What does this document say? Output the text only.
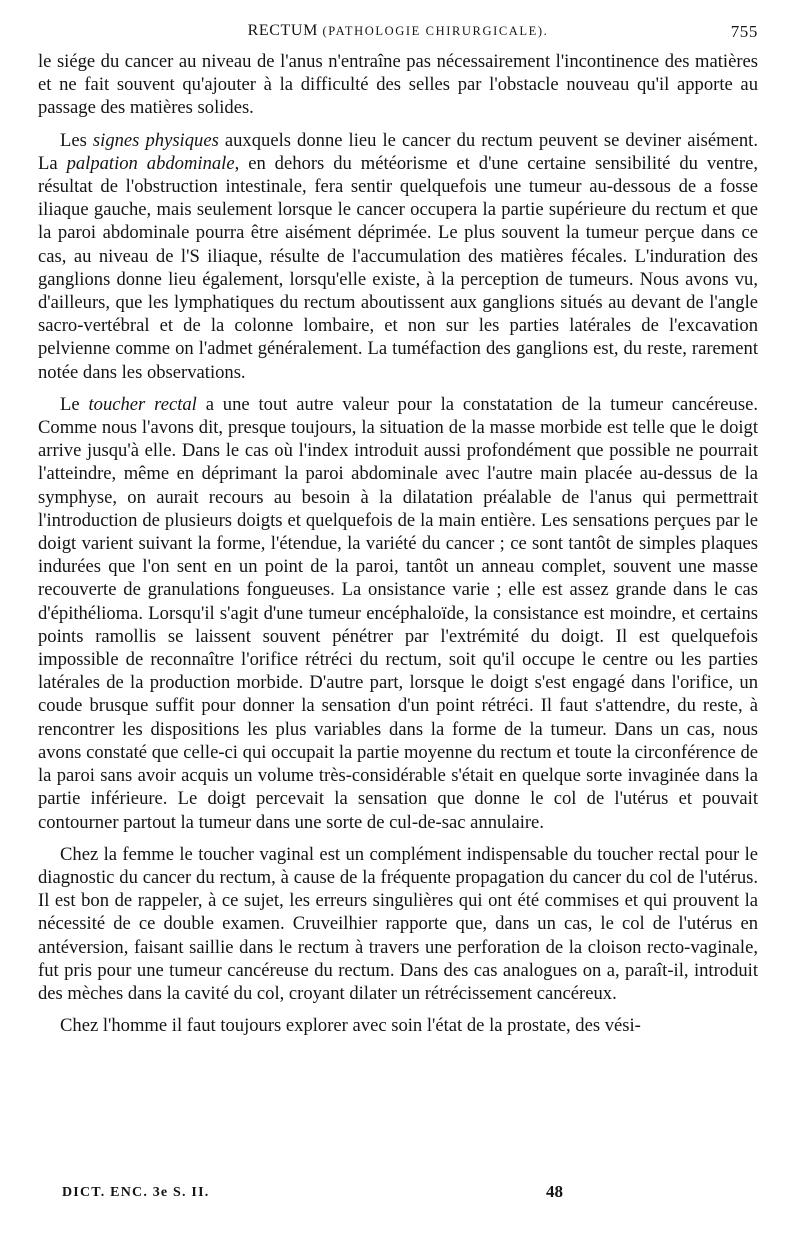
RECTUM (PATHOLOGIE CHIRURGICALE).	755

le siége du cancer au niveau de l'anus n'entraîne pas nécessairement l'incontinence des matières et ne fait souvent qu'ajouter à la difficulté des selles par l'obstacle nouveau qu'il apporte au passage des matières solides.

Les signes physiques auxquels donne lieu le cancer du rectum peuvent se deviner aisément. La palpation abdominale, en dehors du météorisme et d'une certaine sensibilité du ventre, résultat de l'obstruction intestinale, fera sentir quelquefois une tumeur au-dessous de a fosse iliaque gauche, mais seulement lorsque le cancer occupera la partie supérieure du rectum et que la paroi abdominale pourra être aisément déprimée. Le plus souvent la tumeur perçue dans ce cas, au niveau de l'S iliaque, résulte de l'accumulation des matières fécales. L'induration des ganglions donne lieu également, lorsqu'elle existe, à la perception de tumeurs. Nous avons vu, d'ailleurs, que les lymphatiques du rectum aboutissent aux ganglions situés au devant de l'angle sacro-vertébral et de la colonne lombaire, et non sur les parties latérales de l'excavation pelvienne comme on l'admet généralement. La tuméfaction des ganglions est, du reste, rarement notée dans les observations.

Le toucher rectal a une tout autre valeur pour la constatation de la tumeur cancéreuse. Comme nous l'avons dit, presque toujours, la situation de la masse morbide est telle que le doigt arrive jusqu'à elle. Dans le cas où l'index introduit aussi profondément que possible ne pourrait l'atteindre, même en déprimant la paroi abdominale avec l'autre main placée au-dessus de la symphyse, on aurait recours au besoin à la dilatation préalable de l'anus qui permettrait l'introduction de plusieurs doigts et quelquefois de la main entière. Les sensations perçues par le doigt varient suivant la forme, l'étendue, la variété du cancer ; ce sont tantôt de simples plaques indurées que l'on sent en un point de la paroi, tantôt un anneau complet, souvent une masse recouverte de granulations fongueuses. La onsistance varie ; elle est assez grande dans le cas d'épithélioma. Lorsqu'il s'agit d'une tumeur encéphaloïde, la consistance est moindre, et certains points ramollis se laissent souvent pénétrer par l'extrémité du doigt. Il est quelquefois impossible de reconnaître l'orifice rétréci du rectum, soit qu'il occupe le centre ou les parties latérales de la production morbide. D'autre part, lorsque le doigt s'est engagé dans l'orifice, un coude brusque suffit pour donner la sensation d'un point rétréci. Il faut s'attendre, du reste, à rencontrer les dispositions les plus variables dans la forme de la tumeur. Dans un cas, nous avons constaté que celle-ci qui occupait la partie moyenne du rectum et toute la circonférence de la paroi sans avoir acquis un volume très-considérable s'était en quelque sorte invaginée dans la partie inférieure. Le doigt percevait la sensation que donne le col de l'utérus et pouvait contourner partout la tumeur dans une sorte de cul-de-sac annulaire.

Chez la femme le toucher vaginal est un complément indispensable du toucher rectal pour le diagnostic du cancer du rectum, à cause de la fréquente propagation du cancer du col de l'utérus. Il est bon de rappeler, à ce sujet, les erreurs singulières qui ont été commises et qui prouvent la nécessité de ce double examen. Cruveilhier rapporte que, dans un cas, le col de l'utérus en antéversion, faisant saillie dans le rectum à travers une perforation de la cloison recto-vaginale, fut pris pour une tumeur cancéreuse du rectum. Dans des cas analogues on a, paraît-il, introduit des mèches dans la cavité du col, croyant dilater un rétrécissement cancéreux.

Chez l'homme il faut toujours explorer avec soin l'état de la prostate, des vési-

DICT. ENC. 3e S. II.	48
